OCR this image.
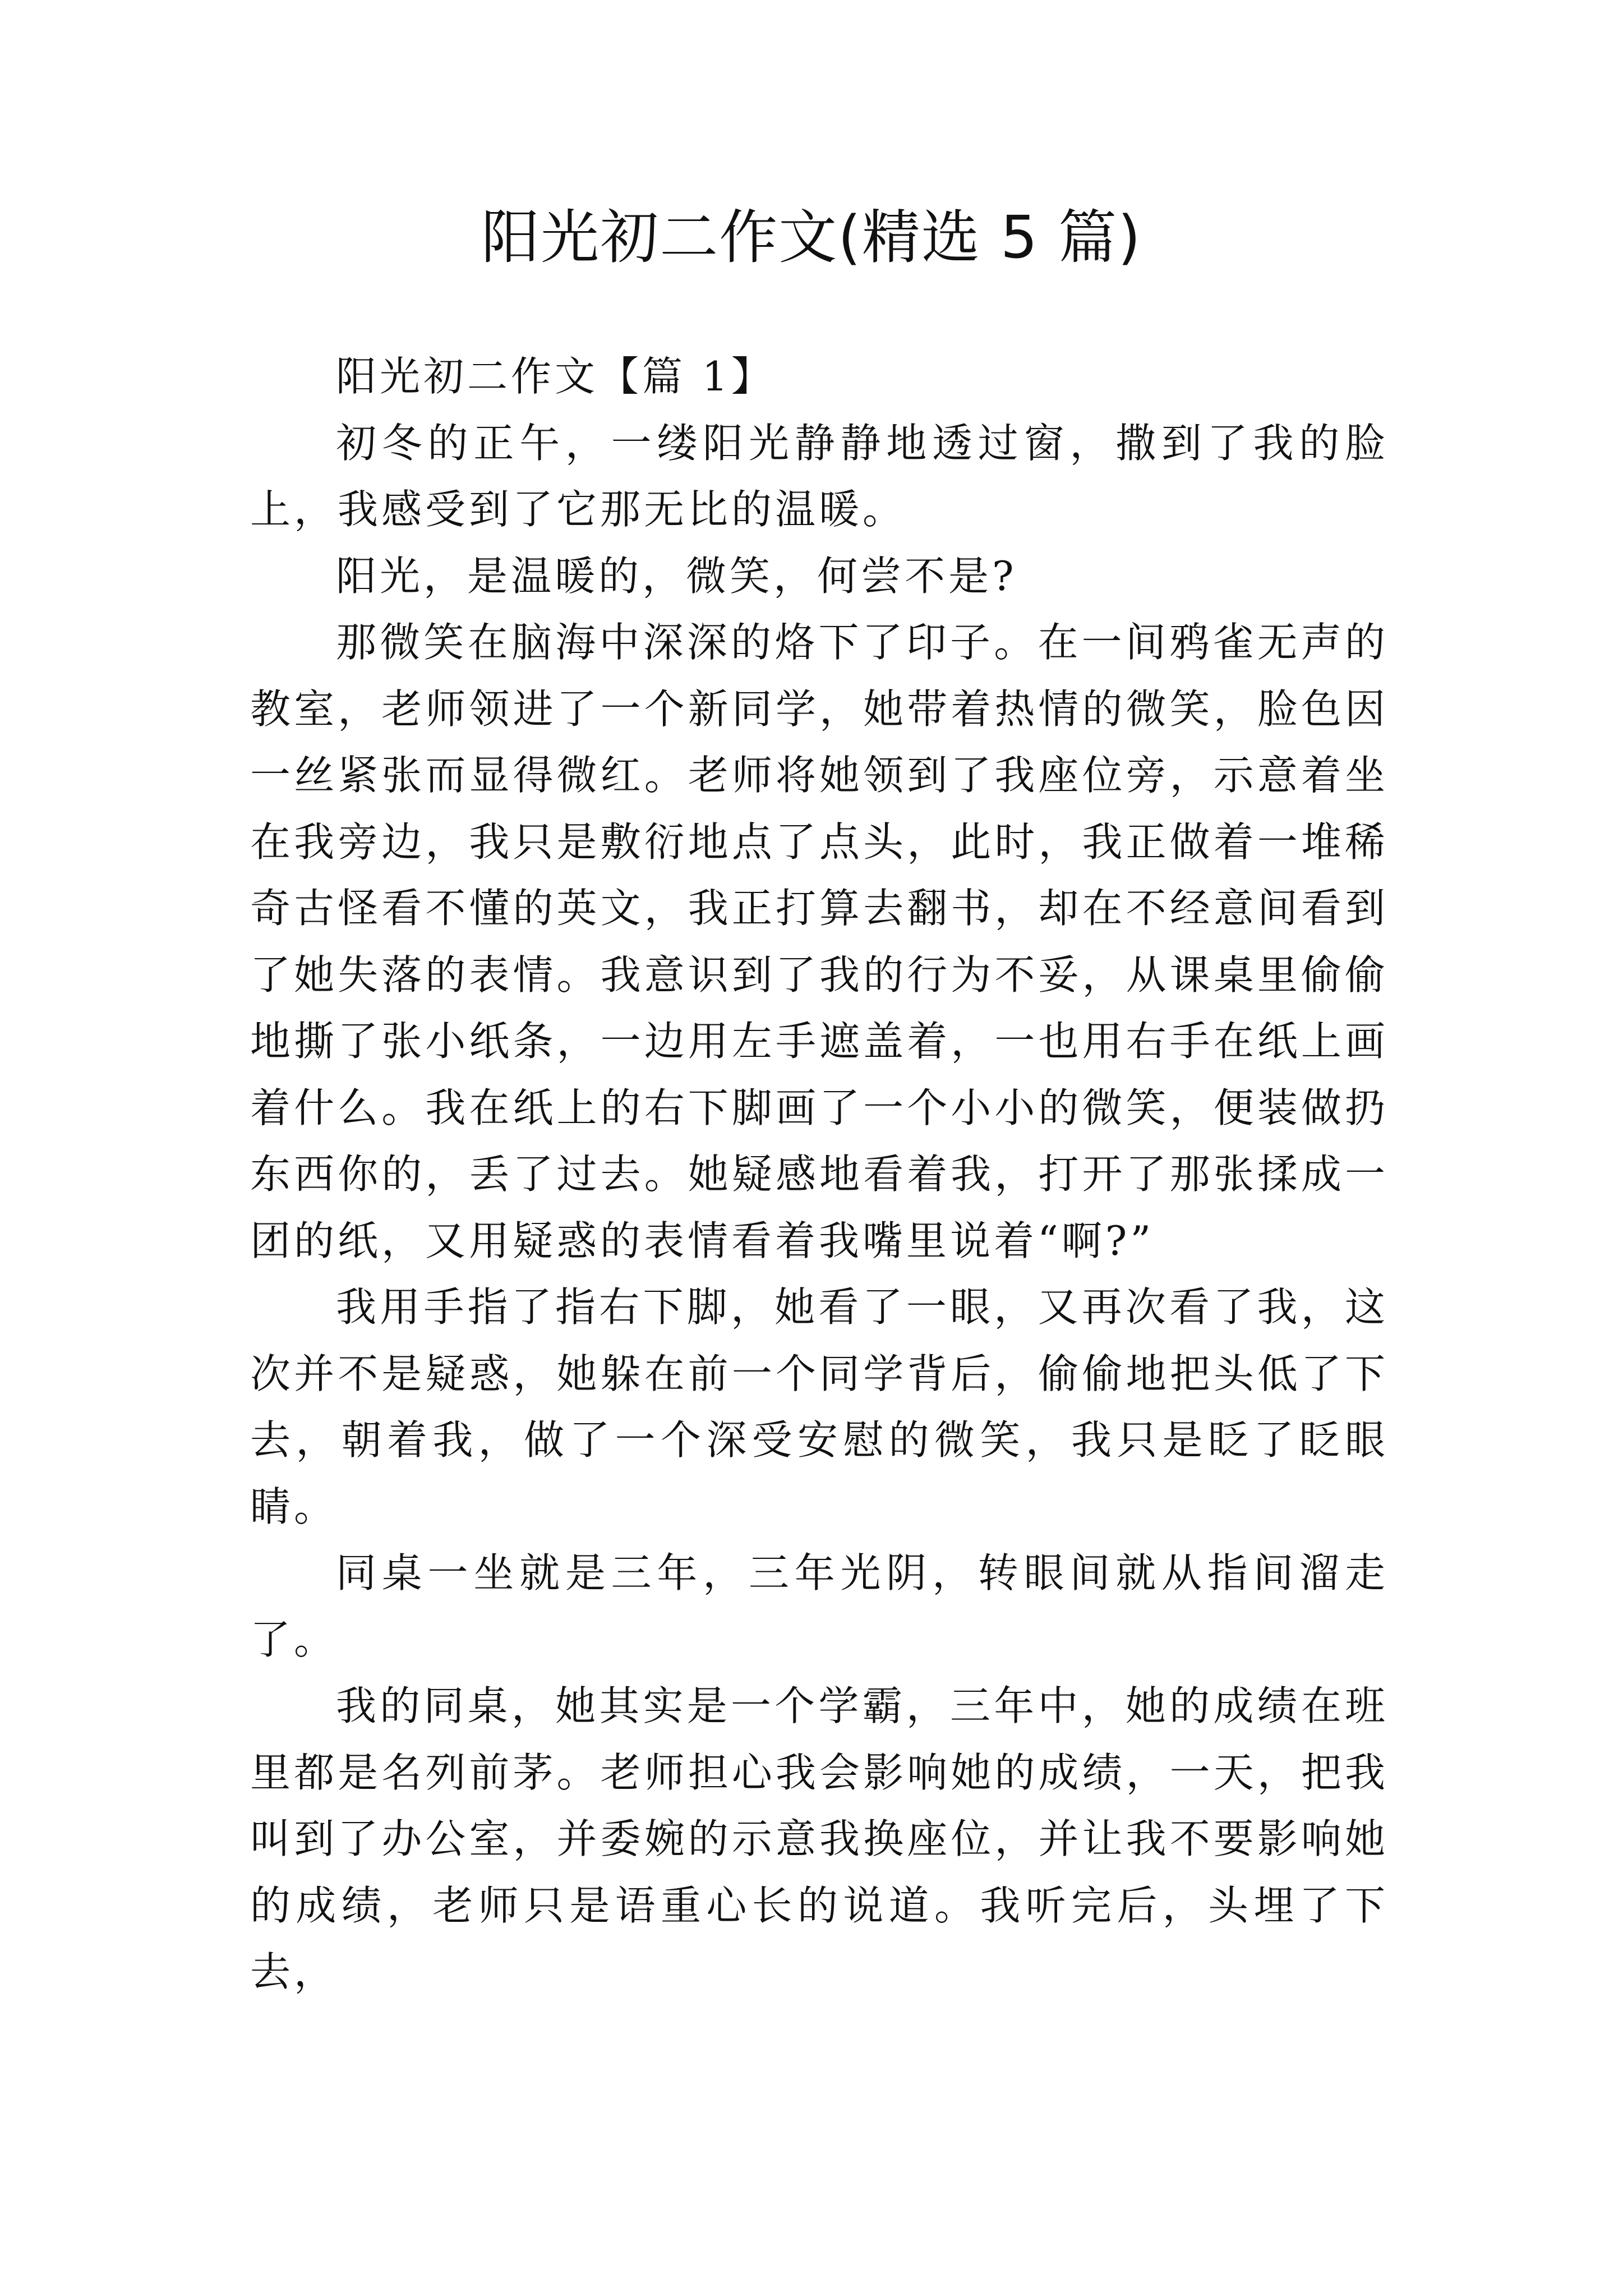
阳光初二作文(精选 5 篇)

阳光初二作文【篇 1】

初冬的正午，一缕阳光静静地透过窗，撒到了我的脸上，我感受到了它那无比的温暖。

阳光，是温暖的，微笑，何尝不是?

那微笑在脑海中深深的烙下了印子。在一间鸦雀无声的教室，老师领进了一个新同学，她带着热情的微笑，脸色因一丝紧张而显得微红。老师将她领到了我座位旁，示意着坐在我旁边，我只是敷衍地点了点头，此时，我正做着一堆稀奇古怪看不懂的英文，我正打算去翻书，却在不经意间看到了她失落的表情。我意识到了我的行为不妥，从课桌里偷偷地撕了张小纸条，一边用左手遮盖着，一也用右手在纸上画着什么。我在纸上的右下脚画了一个小小的微笑，便装做扔东西你的，丢了过去。她疑感地看着我，打开了那张揉成一团的纸，又用疑惑的表情看着我嘴里说着“啊?”

我用手指了指右下脚，她看了一眼，又再次看了我，这次并不是疑惑，她躲在前一个同学背后，偷偷地把头低了下去，朝着我，做了一个深受安慰的微笑，我只是眨了眨眼睛。

同桌一坐就是三年，三年光阴，转眼间就从指间溜走了。

我的同桌，她其实是一个学霸，三年中，她的成绩在班里都是名列前茅。老师担心我会影响她的成绩，一天，把我叫到了办公室，并委婉的示意我换座位，并让我不要影响她的成绩，老师只是语重心长的说道。我听完后，头埋了下去，
